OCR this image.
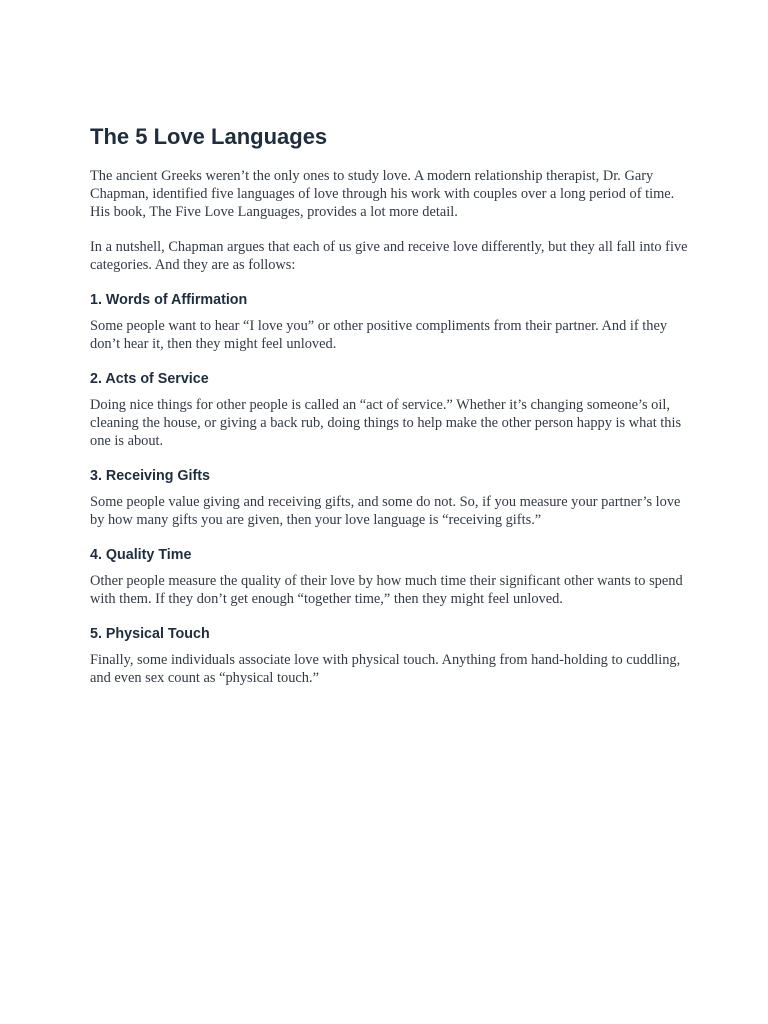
The 5 Love Languages

The ancient Greeks weren’t the only ones to study love. A modern relationship therapist, Dr. Gary Chapman, identified five languages of love through his work with couples over a long period of time. His book, The Five Love Languages, provides a lot more detail.

In a nutshell, Chapman argues that each of us give and receive love differently, but they all fall into five categories. And they are as follows:

1. Words of Affirmation

Some people want to hear “I love you” or other positive compliments from their partner. And if they don’t hear it, then they might feel unloved.

2. Acts of Service

Doing nice things for other people is called an “act of service.” Whether it’s changing someone’s oil, cleaning the house, or giving a back rub, doing things to help make the other person happy is what this one is about.

3. Receiving Gifts

Some people value giving and receiving gifts, and some do not. So, if you measure your partner’s love by how many gifts you are given, then your love language is “receiving gifts.”

4. Quality Time

Other people measure the quality of their love by how much time their significant other wants to spend with them. If they don’t get enough “together time,” then they might feel unloved.

5. Physical Touch

Finally, some individuals associate love with physical touch. Anything from hand-holding to cuddling, and even sex count as “physical touch.”
